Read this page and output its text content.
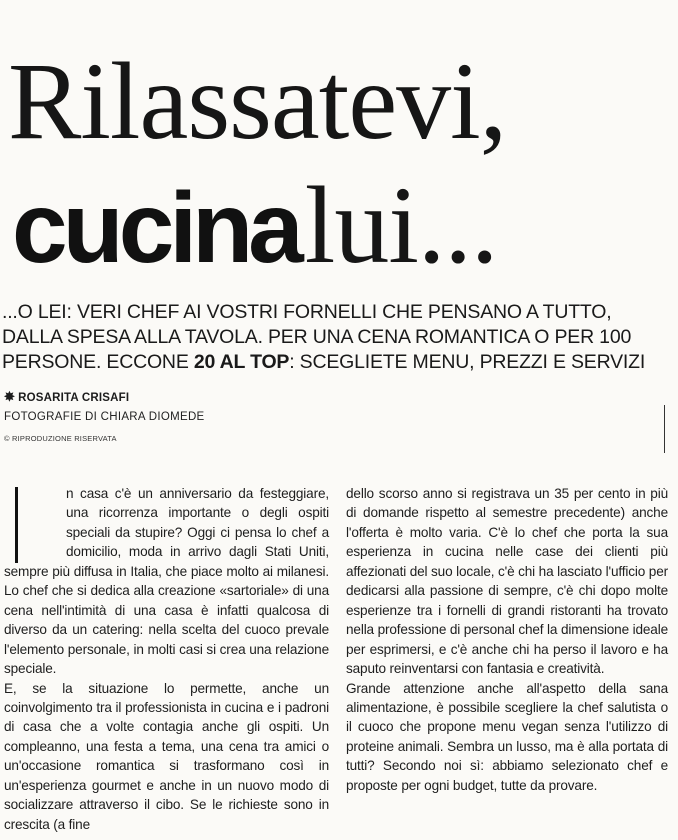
Rilassatevi,
cucinalui...
...O LEI: VERI CHEF AI VOSTRI FORNELLI CHE PENSANO A TUTTO,
DALLA SPESA ALLA TAVOLA. PER UNA CENA ROMANTICA O PER 100
PERSONE. ECCONE 20 AL TOP: SCEGLIETE MENU, PREZZI E SERVIZI
✸ ROSARITA CRISAFI
FOTOGRAFIE DI CHIARA DIOMEDE
© RIPRODUZIONE RISERVATA

n casa c'è un anniversario da festeggiare, una ricorrenza importante o degli ospiti speciali da stupire? Oggi ci pensa lo chef a domicilio, moda in arrivo dagli Stati Uniti, sempre più diffusa in Italia, che piace molto ai milanesi. Lo chef che si dedica alla creazione «sartoriale» di una cena nell'intimità di una casa è infatti qualcosa di diverso da un catering: nella scelta del cuoco prevale l'elemento personale, in molti casi si crea una relazione speciale.

E, se la situazione lo permette, anche un coinvolgimento tra il professionista in cucina e i padroni di casa che a volte contagia anche gli ospiti. Un compleanno, una festa a tema, una cena tra amici o un'occasione romantica si trasformano così in un'esperienza gourmet e anche in un nuovo modo di socializzare attraverso il cibo. Se le richieste sono in crescita (a fine

dello scorso anno si registrava un 35 per cento in più di domande rispetto al semestre precedente) anche l'offerta è molto varia. C'è lo chef che porta la sua esperienza in cucina nelle case dei clienti più affezionati del suo locale, c'è chi ha lasciato l'ufficio per dedicarsi alla passione di sempre, c'è chi dopo molte esperienze tra i fornelli di grandi ristoranti ha trovato nella professione di personal chef la dimensione ideale per esprimersi, e c'è anche chi ha perso il lavoro e ha saputo reinventarsi con fantasia e creatività.

Grande attenzione anche all'aspetto della sana alimentazione, è possibile scegliere la chef salutista o il cuoco che propone menu vegan senza l'utilizzo di proteine animali. Sembra un lusso, ma è alla portata di tutti? Secondo noi sì: abbiamo selezionato chef e proposte per ogni budget, tutte da provare.
